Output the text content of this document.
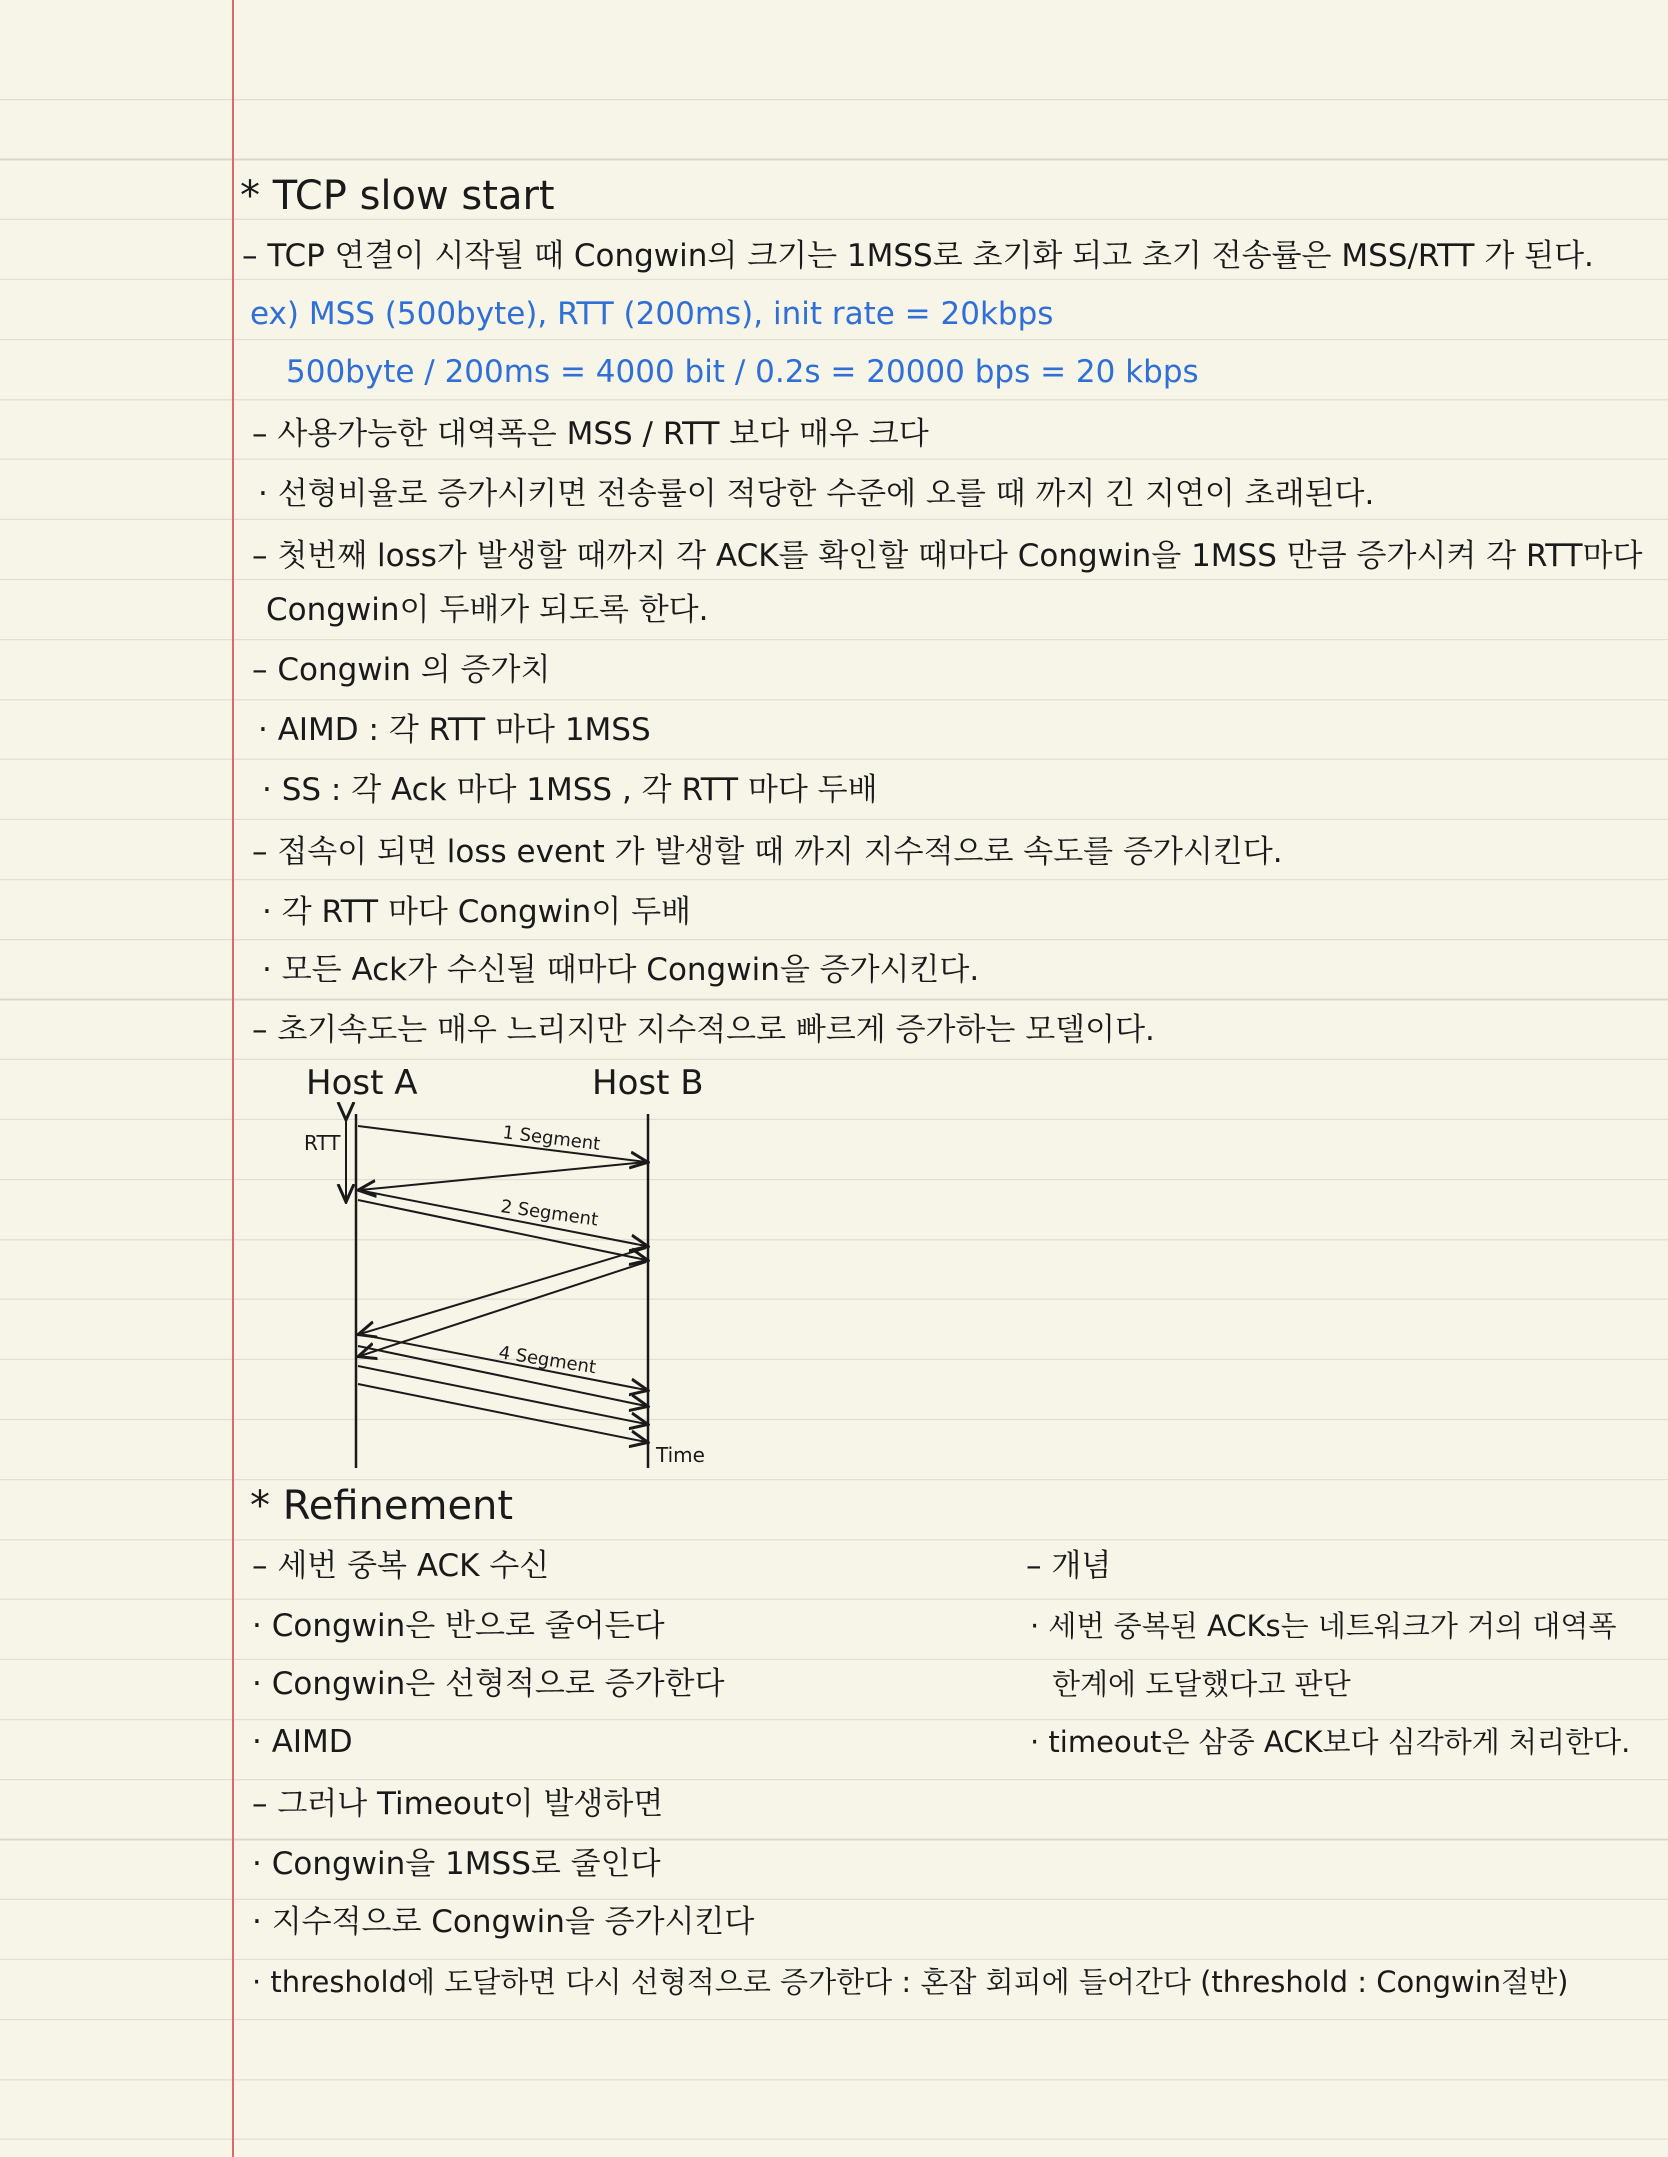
* TCP slow start
– TCP 연결이 시작될 때 Congwin의 크기는 1MSS로 초기화 되고 초기 전송률은 MSS/RTT 가 된다.
ex) MSS (500byte), RTT (200ms), init rate = 20kbps
500byte / 200ms = 4000 bit / 0.2s = 20000 bps = 20 kbps
– 사용가능한 대역폭은 MSS / RTT 보다 매우 크다
· 선형비율로 증가시키면 전송률이 적당한 수준에 오를 때 까지 긴 지연이 초래된다.
– 첫번째 loss가 발생할 때까지 각 ACK를 확인할 때마다 Congwin을 1MSS 만큼 증가시켜 각 RTT마다
Congwin이 두배가 되도록 한다.
– Congwin 의 증가치
· AIMD : 각 RTT 마다 1MSS
· SS : 각 Ack 마다 1MSS , 각 RTT 마다 두배
– 접속이 되면 loss event 가 발생할 때 까지 지수적으로 속도를 증가시킨다.
· 각 RTT 마다 Congwin이 두배
· 모든 Ack가 수신될 때마다 Congwin을 증가시킨다.
– 초기속도는 매우 느리지만 지수적으로 빠르게 증가하는 모델이다.
Host A	Host B
RTT	1 Segment
2 Segment
4 Segment
Time
* Refinement
– 세번 중복 ACK 수신
· Congwin은 반으로 줄어든다
· Congwin은 선형적으로 증가한다
· AIMD
– 그러나 Timeout이 발생하면
· Congwin을 1MSS로 줄인다
· 지수적으로 Congwin을 증가시킨다
· threshold에 도달하면 다시 선형적으로 증가한다 : 혼잡 회피에 들어간다 (threshold : Congwin절반)
– 개념
· 세번 중복된 ACKs는 네트워크가 거의 대역폭
한계에 도달했다고 판단
· timeout은 삼중 ACK보다 심각하게 처리한다.
